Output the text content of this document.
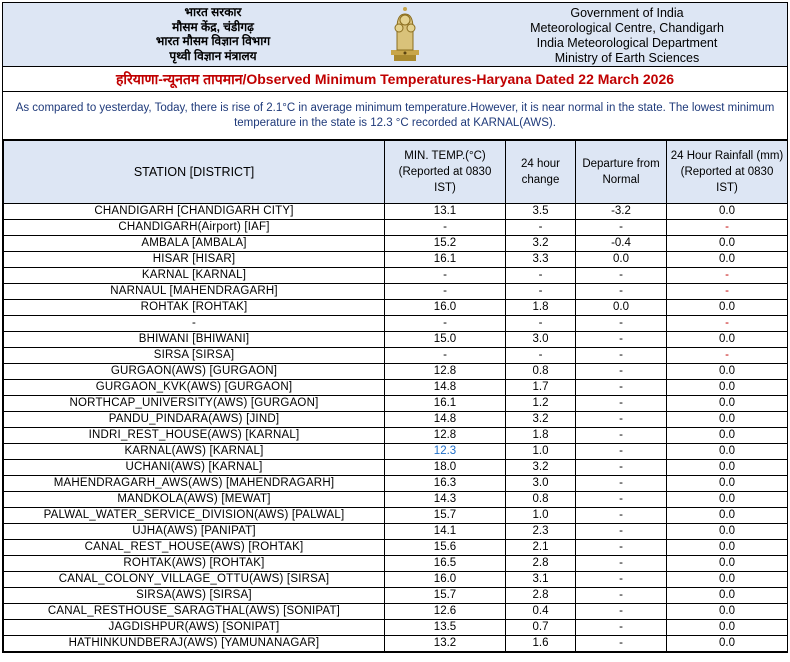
भारत सरकार
मौसम केंद्र, चंडीगढ़
भारत मौसम विज्ञान विभाग
पृथ्वी विज्ञान मंत्रालय
Government of India
Meteorological Centre, Chandigarh
India Meteorological Department
Ministry of Earth Sciences
हरियाणा-न्यूनतम तापमान/Observed Minimum Temperatures-Haryana Dated 22 March 2026
As compared to yesterday, Today, there is rise of 2.1°C in average minimum temperature.However, it is near normal in the state. The lowest minimum temperature in the state is 12.3 °C recorded at KARNAL(AWS).
STATION [DISTRICT]	MIN. TEMP.(°C) (Reported at 0830 IST)	24 hour change	Departure from Normal	24 Hour Rainfall (mm) (Reported at 0830 IST)
CHANDIGARH [CHANDIGARH CITY]	13.1	3.5	-3.2	0.0
CHANDIGARH(Airport) [IAF]	-	-	-	-
AMBALA [AMBALA]	15.2	3.2	-0.4	0.0
HISAR [HISAR]	16.1	3.3	0.0	0.0
KARNAL [KARNAL]	-	-	-	-
NARNAUL [MAHENDRAGARH]	-	-	-	-
ROHTAK [ROHTAK]	16.0	1.8	0.0	0.0
-	-	-	-	-
BHIWANI [BHIWANI]	15.0	3.0	-	0.0
SIRSA [SIRSA]	-	-	-	-
GURGAON(AWS) [GURGAON]	12.8	0.8	-	0.0
GURGAON_KVK(AWS) [GURGAON]	14.8	1.7	-	0.0
NORTHCAP_UNIVERSITY(AWS) [GURGAON]	16.1	1.2	-	0.0
PANDU_PINDARA(AWS) [JIND]	14.8	3.2	-	0.0
INDRI_REST_HOUSE(AWS) [KARNAL]	12.8	1.8	-	0.0
KARNAL(AWS) [KARNAL]	12.3	1.0	-	0.0
UCHANI(AWS) [KARNAL]	18.0	3.2	-	0.0
MAHENDRAGARH_AWS(AWS) [MAHENDRAGARH]	16.3	3.0	-	0.0
MANDKOLA(AWS) [MEWAT]	14.3	0.8	-	0.0
PALWAL_WATER_SERVICE_DIVISION(AWS) [PALWAL]	15.7	1.0	-	0.0
UJHA(AWS) [PANIPAT]	14.1	2.3	-	0.0
CANAL_REST_HOUSE(AWS) [ROHTAK]	15.6	2.1	-	0.0
ROHTAK(AWS) [ROHTAK]	16.5	2.8	-	0.0
CANAL_COLONY_VILLAGE_OTTU(AWS) [SIRSA]	16.0	3.1	-	0.0
SIRSA(AWS) [SIRSA]	15.7	2.8	-	0.0
CANAL_RESTHOUSE_SARAGTHAL(AWS) [SONIPAT]	12.6	0.4	-	0.0
JAGDISHPUR(AWS) [SONIPAT]	13.5	0.7	-	0.0
HATHINKUNDBERAJ(AWS) [YAMUNANAGAR]	13.2	1.6	-	0.0
